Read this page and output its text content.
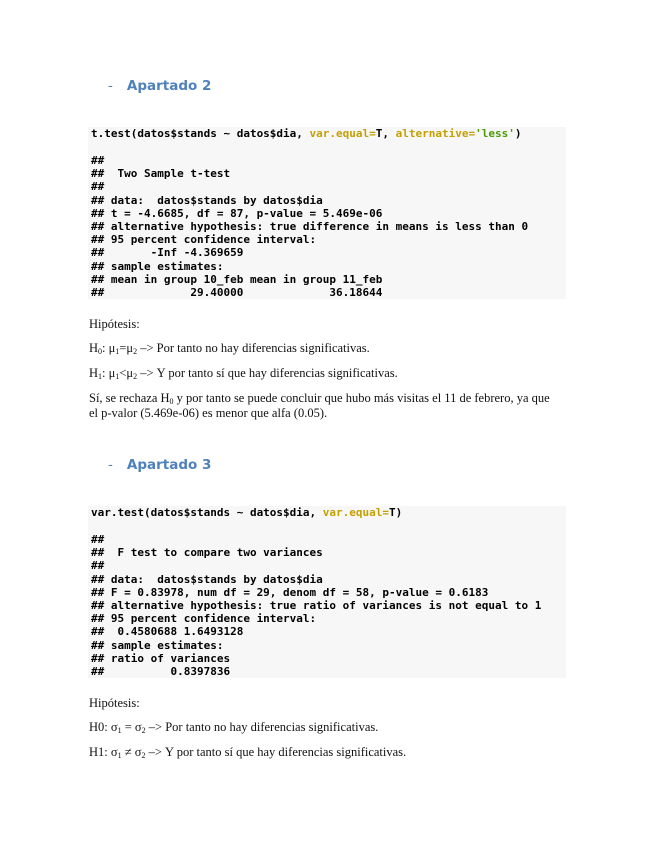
- Apartado 2
t.test(datos$stands ~ datos$dia, var.equal=T, alternative='less')
##
##  Two Sample t-test
##
## data:  datos$stands by datos$dia
## t = -4.6685, df = 87, p-value = 5.469e-06
## alternative hypothesis: true difference in means is less than 0
## 95 percent confidence interval:
##       -Inf -4.369659
## sample estimates:
## mean in group 10_feb mean in group 11_feb
##             29.40000             36.18644
Hipótesis:
$H_0$: $\mu_1=\mu_2$ –> Por tanto no hay diferencias significativas.
$H_1$: $\mu_1<\mu_2 -> Y$ por tanto sí que hay diferencias significativas.
Sí, se rechaza $H_0$ y por tanto se puede concluir que hubo más visitas el 11 de febrero, ya que el p-valor (5.469e-06) es menor que alfa (0.05).
- Apartado 3
var.test(datos$stands ~ datos$dia, var.equal=T)
##
##  F test to compare two variances
##
## data:  datos$stands by datos$dia
## F = 0.83978, num df = 29, denom df = 58, p-value = 0.6183
## alternative hypothesis: true ratio of variances is not equal to 1
## 95 percent confidence interval:
##  0.4580688 1.6493128
## sample estimates:
## ratio of variances
##          0.8397836
Hipótesis:
H0: $\sigma_1 = \sigma_2$ –> Por tanto no hay diferencias significativas.
H1: $\sigma_1 \ne \sigma_2 -> Y$ por tanto sí que hay diferencias significativas.
